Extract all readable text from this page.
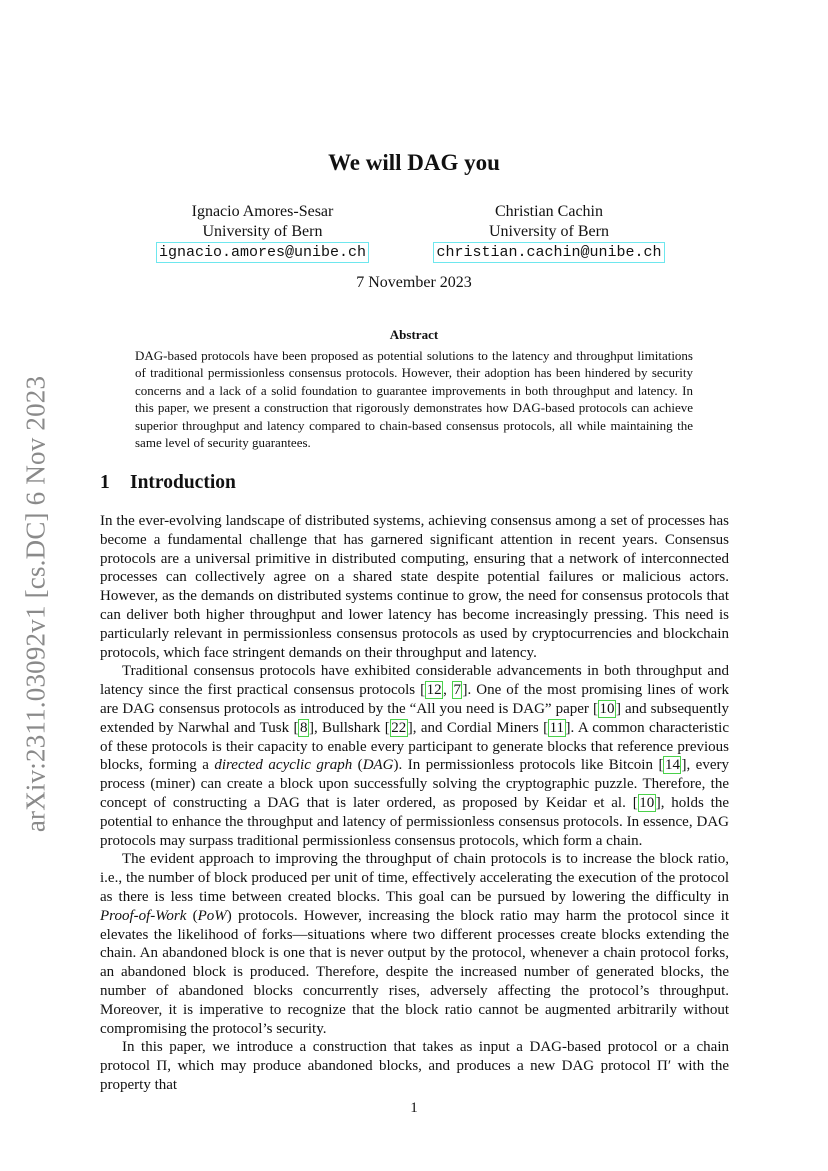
arXiv:2311.03092v1 [cs.DC] 6 Nov 2023
We will DAG you
Ignacio Amores-Sesar
University of Bern
ignacio.amores@unibe.ch
Christian Cachin
University of Bern
christian.cachin@unibe.ch
7 November 2023
Abstract
DAG-based protocols have been proposed as potential solutions to the latency and throughput limitations of traditional permissionless consensus protocols. However, their adoption has been hindered by security concerns and a lack of a solid foundation to guarantee improvements in both throughput and latency. In this paper, we present a construction that rigorously demonstrates how DAG-based protocols can achieve superior throughput and latency compared to chain-based consensus protocols, all while maintaining the same level of security guarantees.
1 Introduction

In the ever-evolving landscape of distributed systems, achieving consensus among a set of processes has become a fundamental challenge that has garnered significant attention in recent years. Consensus protocols are a universal primitive in distributed computing, ensuring that a network of interconnected processes can collectively agree on a shared state despite potential failures or malicious actors. However, as the demands on distributed systems continue to grow, the need for consensus protocols that can deliver both higher throughput and lower latency has become increasingly pressing. This need is particularly relevant in permissionless consensus protocols as used by cryptocurrencies and blockchain protocols, which face stringent demands on their throughput and latency.

Traditional consensus protocols have exhibited considerable advancements in both throughput and latency since the first practical consensus protocols [ 12 , 7 ]. One of the most promising lines of work are DAG consensus protocols as introduced by the “All you need is DAG” paper [ 10 ] and subsequently extended by Narwhal and Tusk [ 8 ], Bullshark [ 22 ], and Cordial Miners [ 11 ]. A common characteristic of these protocols is their capacity to enable every participant to generate blocks that reference previous blocks, forming a directed acyclic graph (DAG). In permissionless protocols like Bitcoin [ 14 ], every process (miner) can create a block upon successfully solving the cryptographic puzzle. Therefore, the concept of constructing a DAG that is later ordered, as proposed by Keidar et al. [ 10 ], holds the potential to enhance the throughput and latency of permissionless consensus protocols. In essence, DAG protocols may surpass traditional permissionless consensus protocols, which form a chain.

The evident approach to improving the throughput of chain protocols is to increase the block ratio, i.e., the number of block produced per unit of time, effectively accelerating the execution of the protocol as there is less time between created blocks. This goal can be pursued by lowering the difficulty in Proof-of-Work (PoW) protocols. However, increasing the block ratio may harm the protocol since it elevates the likelihood of forks—situations where two different processes create blocks extending the chain. An abandoned block is one that is never output by the protocol, whenever a chain protocol forks, an abandoned block is produced. Therefore, despite the increased number of generated blocks, the number of abandoned blocks concurrently rises, adversely affecting the protocol’s throughput. Moreover, it is imperative to recognize that the block ratio cannot be augmented arbitrarily without compromising the protocol’s security.

In this paper, we introduce a construction that takes as input a DAG-based protocol or a chain protocol Π, which may produce abandoned blocks, and produces a new DAG protocol Π′ with the property that

1
